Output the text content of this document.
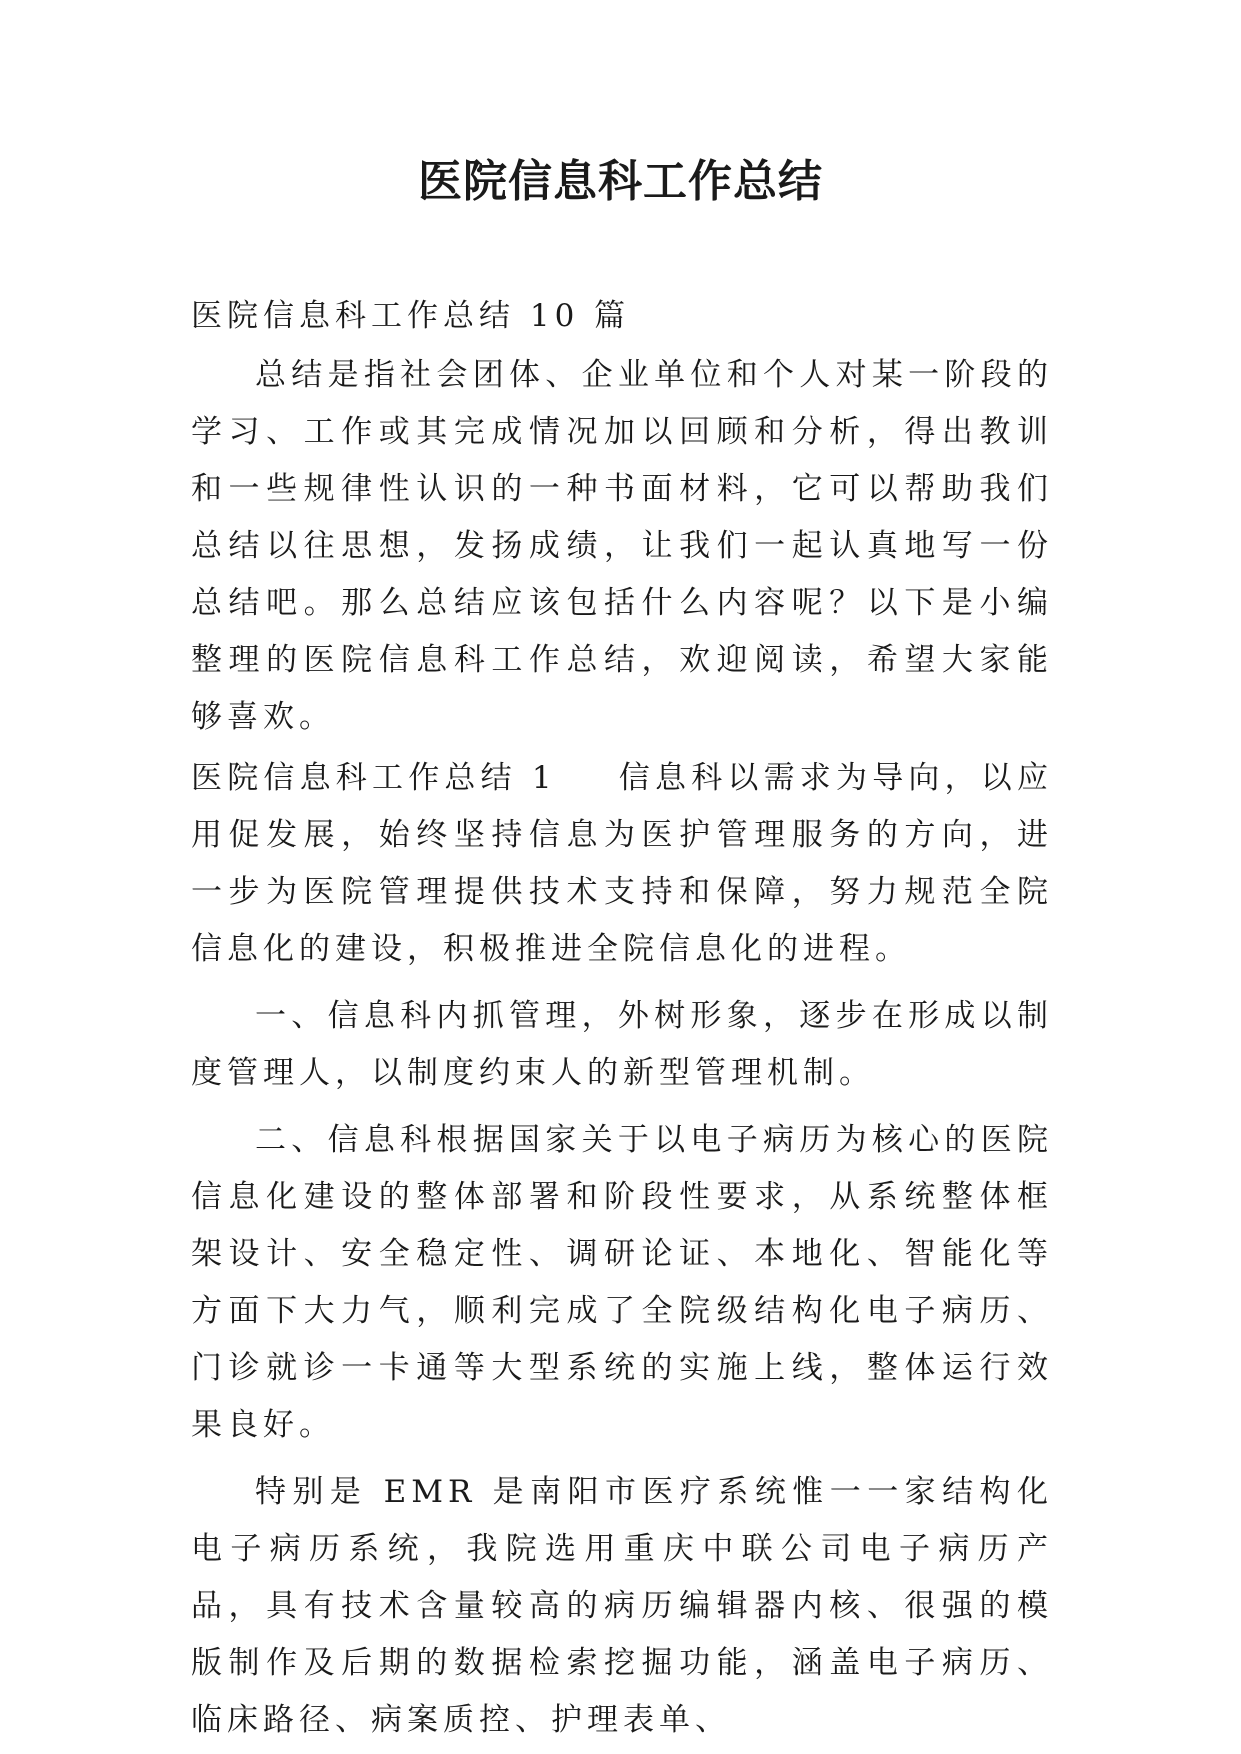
医院信息科工作总结

医院信息科工作总结 10 篇

总结是指社会团体、企业单位和个人对某一阶段的学习、工作或其完成情况加以回顾和分析，得出教训和一些规律性认识的一种书面材料，它可以帮助我们总结以往思想，发扬成绩，让我们一起认真地写一份总结吧。那么总结应该包括什么内容呢？以下是小编整理的医院信息科工作总结，欢迎阅读，希望大家能够喜欢。

医院信息科工作总结 1 信息科以需求为导向，以应用促发展，始终坚持信息为医护管理服务的方向，进一步为医院管理提供技术支持和保障，努力规范全院信息化的建设，积极推进全院信息化的进程。

一、信息科内抓管理，外树形象，逐步在形成以制度管理人，以制度约束人的新型管理机制。

二、信息科根据国家关于以电子病历为核心的医院信息化建设的整体部署和阶段性要求，从系统整体框架设计、安全稳定性、调研论证、本地化、智能化等方面下大力气，顺利完成了全院级结构化电子病历、门诊就诊一卡通等大型系统的实施上线，整体运行效果良好。

特别是 EMR 是南阳市医疗系统惟一一家结构化电子病历系统，我院选用重庆中联公司电子病历产品，具有技术含量较高的病历编辑器内核、很强的模版制作及后期的数据检索挖掘功能，涵盖电子病历、临床路径、病案质控、护理表单、
